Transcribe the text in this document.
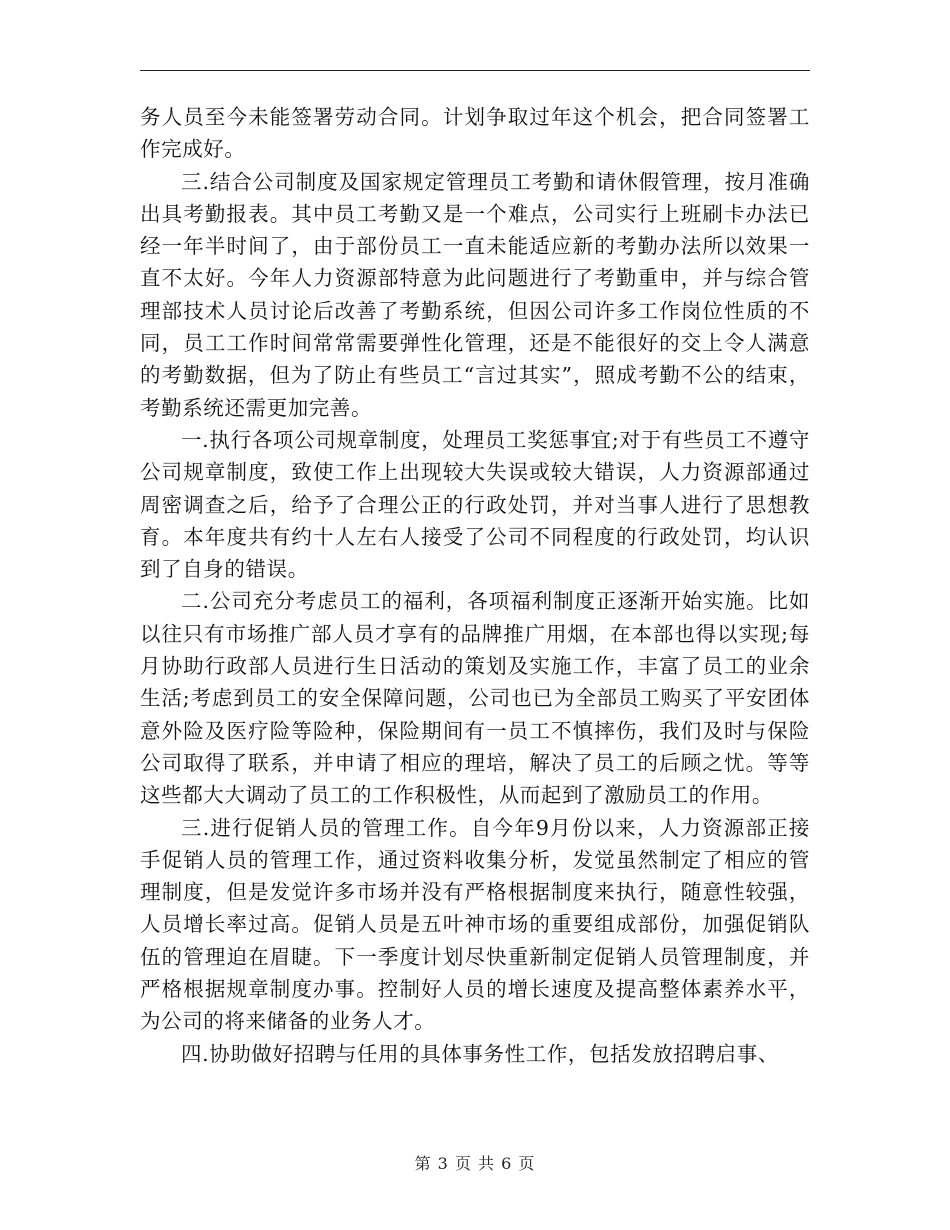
务人员至今未能签署劳动合同。计划争取过年这个机会，把合同签署工作完成好。

三.结合公司制度及国家规定管理员工考勤和请休假管理，按月准确出具考勤报表。其中员工考勤又是一个难点，公司实行上班刷卡办法已经一年半时间了，由于部份员工一直未能适应新的考勤办法所以效果一直不太好。今年人力资源部特意为此问题进行了考勤重申，并与综合管理部技术人员讨论后改善了考勤系统，但因公司许多工作岗位性质的不同，员工工作时间常常需要弹性化管理，还是不能很好的交上令人满意的考勤数据，但为了防止有些员工“言过其实”，照成考勤不公的结束，考勤系统还需更加完善。

一.执行各项公司规章制度，处理员工奖惩事宜;对于有些员工不遵守公司规章制度，致使工作上出现较大失误或较大错误，人力资源部通过周密调查之后，给予了合理公正的行政处罚，并对当事人进行了思想教育。本年度共有约十人左右人接受了公司不同程度的行政处罚，均认识到了自身的错误。

二.公司充分考虑员工的福利，各项福利制度正逐渐开始实施。比如以往只有市场推广部人员才享有的品牌推广用烟，在本部也得以实现;每月协助行政部人员进行生日活动的策划及实施工作，丰富了员工的业余生活;考虑到员工的安全保障问题，公司也已为全部员工购买了平安团体意外险及医疗险等险种，保险期间有一员工不慎摔伤，我们及时与保险公司取得了联系，并申请了相应的理培，解决了员工的后顾之忧。等等这些都大大调动了员工的工作积极性，从而起到了激励员工的作用。

三.进行促销人员的管理工作。自今年9月份以来，人力资源部正接手促销人员的管理工作，通过资料收集分析，发觉虽然制定了相应的管理制度，但是发觉许多市场并没有严格根据制度来执行，随意性较强，人员增长率过高。促销人员是五叶神市场的重要组成部份，加强促销队伍的管理迫在眉睫。下一季度计划尽快重新制定促销人员管理制度，并严格根据规章制度办事。控制好人员的增长速度及提高整体素养水平，为公司的将来储备的业务人才。

四.协助做好招聘与任用的具体事务性工作，包括发放招聘启事、

第 3 页 共 6 页
